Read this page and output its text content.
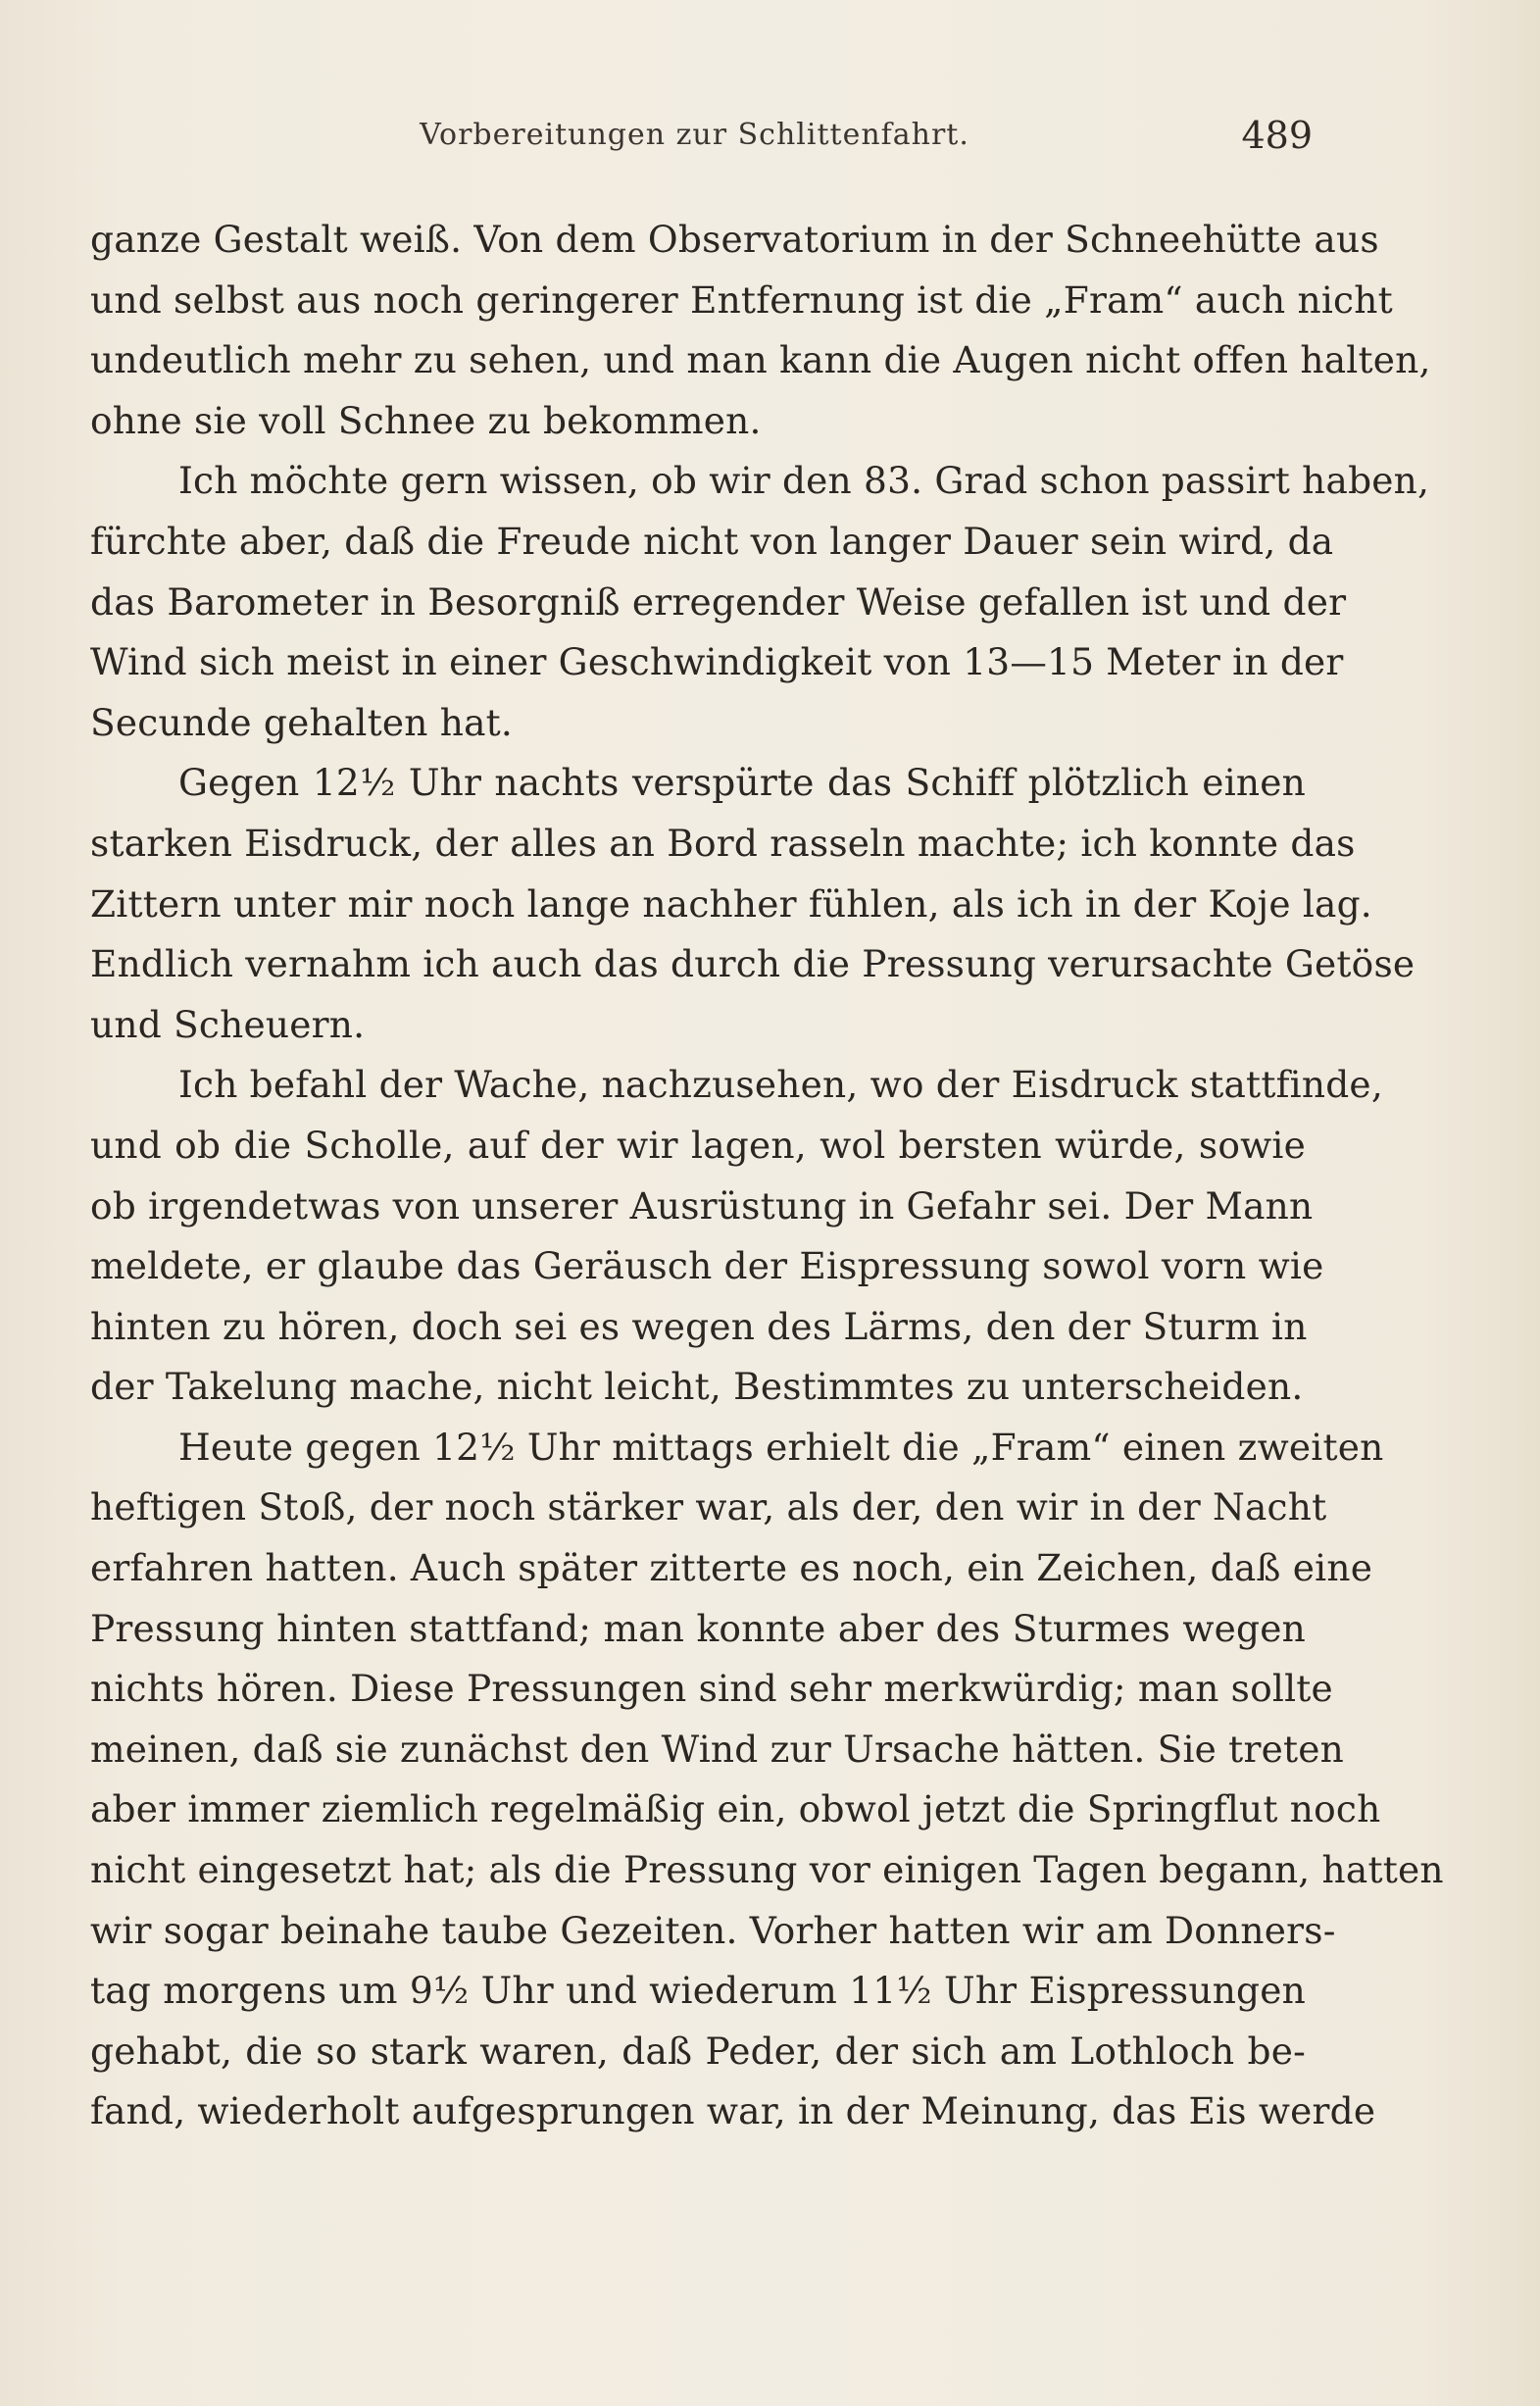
Vorbereitungen zur Schlittenfahrt.	489
ganze Gestalt weiß. Von dem Observatorium in der Schneehütte aus
und selbst aus noch geringerer Entfernung ist die „Fram“ auch nicht
undeutlich mehr zu sehen, und man kann die Augen nicht offen halten,
ohne sie voll Schnee zu bekommen.
Ich möchte gern wissen, ob wir den 83. Grad schon passirt haben,
fürchte aber, daß die Freude nicht von langer Dauer sein wird, da
das Barometer in Besorgniß erregender Weise gefallen ist und der
Wind sich meist in einer Geschwindigkeit von 13—15 Meter in der
Secunde gehalten hat.
Gegen 12½ Uhr nachts verspürte das Schiff plötzlich einen
starken Eisdruck, der alles an Bord rasseln machte; ich konnte das
Zittern unter mir noch lange nachher fühlen, als ich in der Koje lag.
Endlich vernahm ich auch das durch die Pressung verursachte Getöse
und Scheuern.
Ich befahl der Wache, nachzusehen, wo der Eisdruck stattfinde,
und ob die Scholle, auf der wir lagen, wol bersten würde, sowie
ob irgendetwas von unserer Ausrüstung in Gefahr sei. Der Mann
meldete, er glaube das Geräusch der Eispressung sowol vorn wie
hinten zu hören, doch sei es wegen des Lärms, den der Sturm in
der Takelung mache, nicht leicht, Bestimmtes zu unterscheiden.
Heute gegen 12½ Uhr mittags erhielt die „Fram“ einen zweiten
heftigen Stoß, der noch stärker war, als der, den wir in der Nacht
erfahren hatten. Auch später zitterte es noch, ein Zeichen, daß eine
Pressung hinten stattfand; man konnte aber des Sturmes wegen
nichts hören. Diese Pressungen sind sehr merkwürdig; man sollte
meinen, daß sie zunächst den Wind zur Ursache hätten. Sie treten
aber immer ziemlich regelmäßig ein, obwol jetzt die Springflut noch
nicht eingesetzt hat; als die Pressung vor einigen Tagen begann, hatten
wir sogar beinahe taube Gezeiten. Vorher hatten wir am Donners-
tag morgens um 9½ Uhr und wiederum 11½ Uhr Eispressungen
gehabt, die so stark waren, daß Peder, der sich am Lothloch be-
fand, wiederholt aufgesprungen war, in der Meinung, das Eis werde
